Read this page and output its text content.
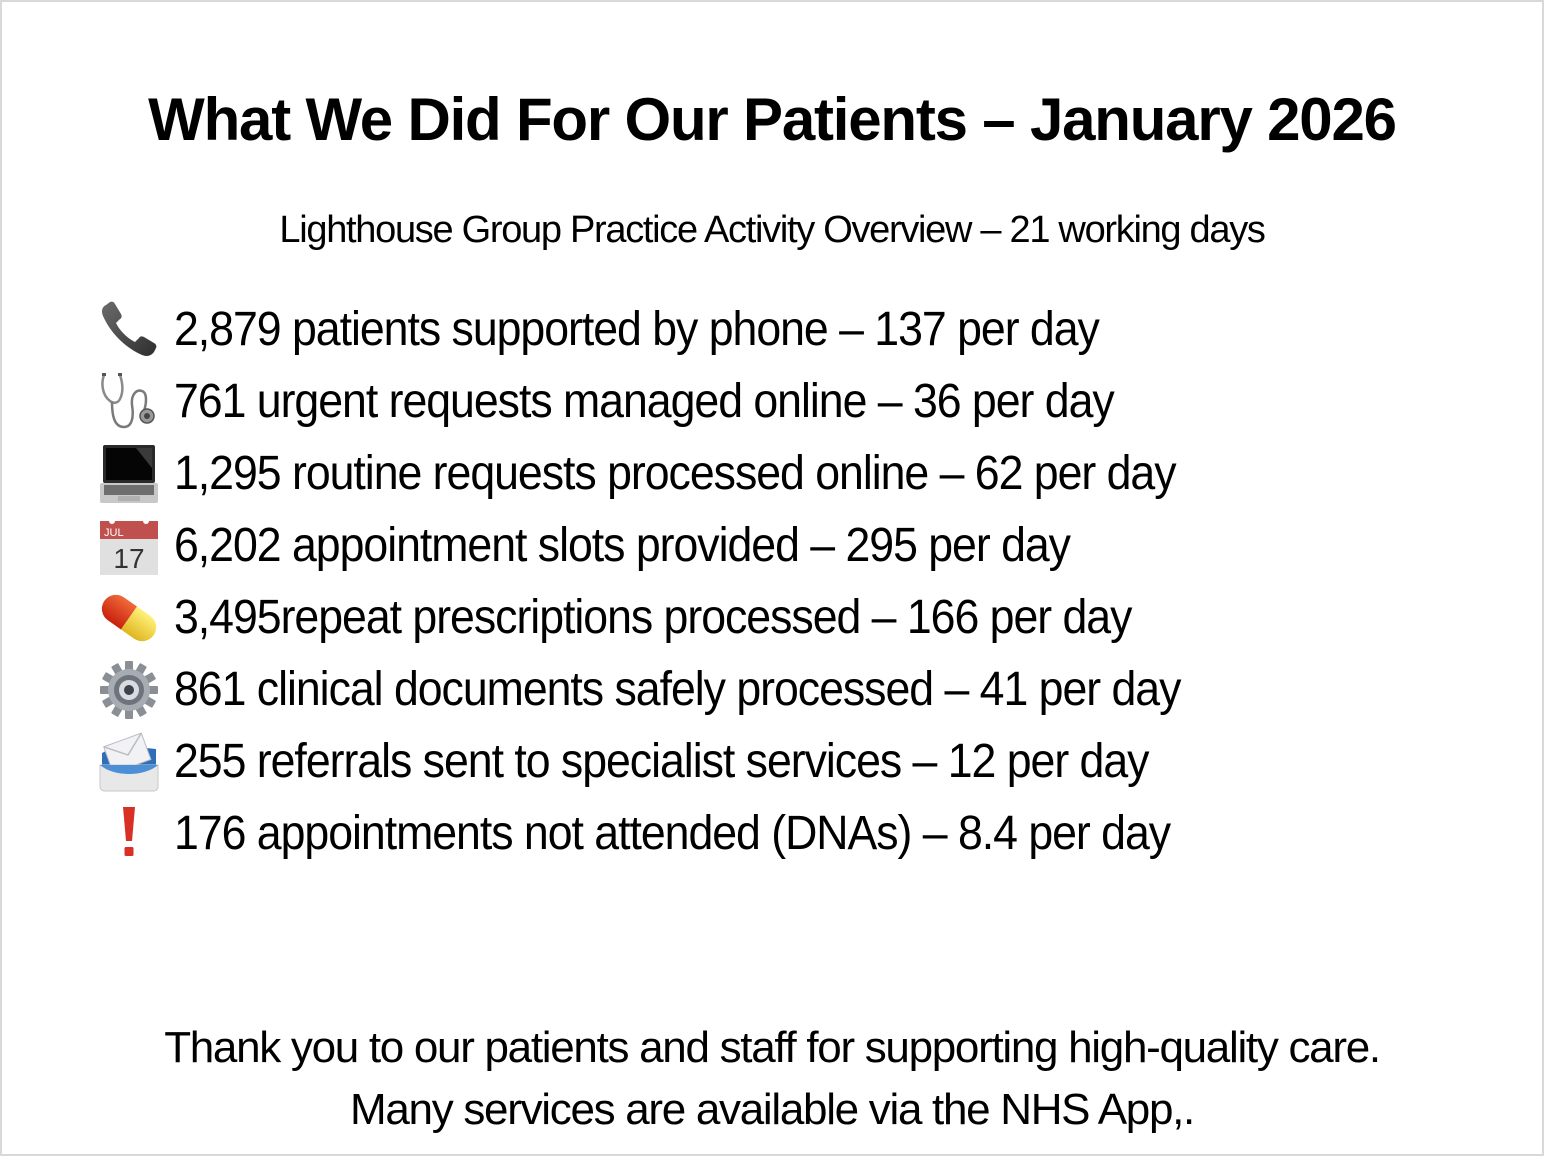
What We Did For Our Patients – January 2026
Lighthouse Group Practice Activity Overview – 21 working days
2,879 patients supported by phone – 137 per day
761 urgent requests managed online – 36 per day
1,295 routine requests processed online – 62 per day
JUL
17 6,202 appointment slots provided – 295 per day
3,495repeat prescriptions processed – 166 per day
861 clinical documents safely processed – 41 per day
255 referrals sent to specialist services – 12 per day
176 appointments not attended (DNAs) – 8.4 per day
Thank you to our patients and staff for supporting high-quality care.
Many services are available via the NHS App,.
